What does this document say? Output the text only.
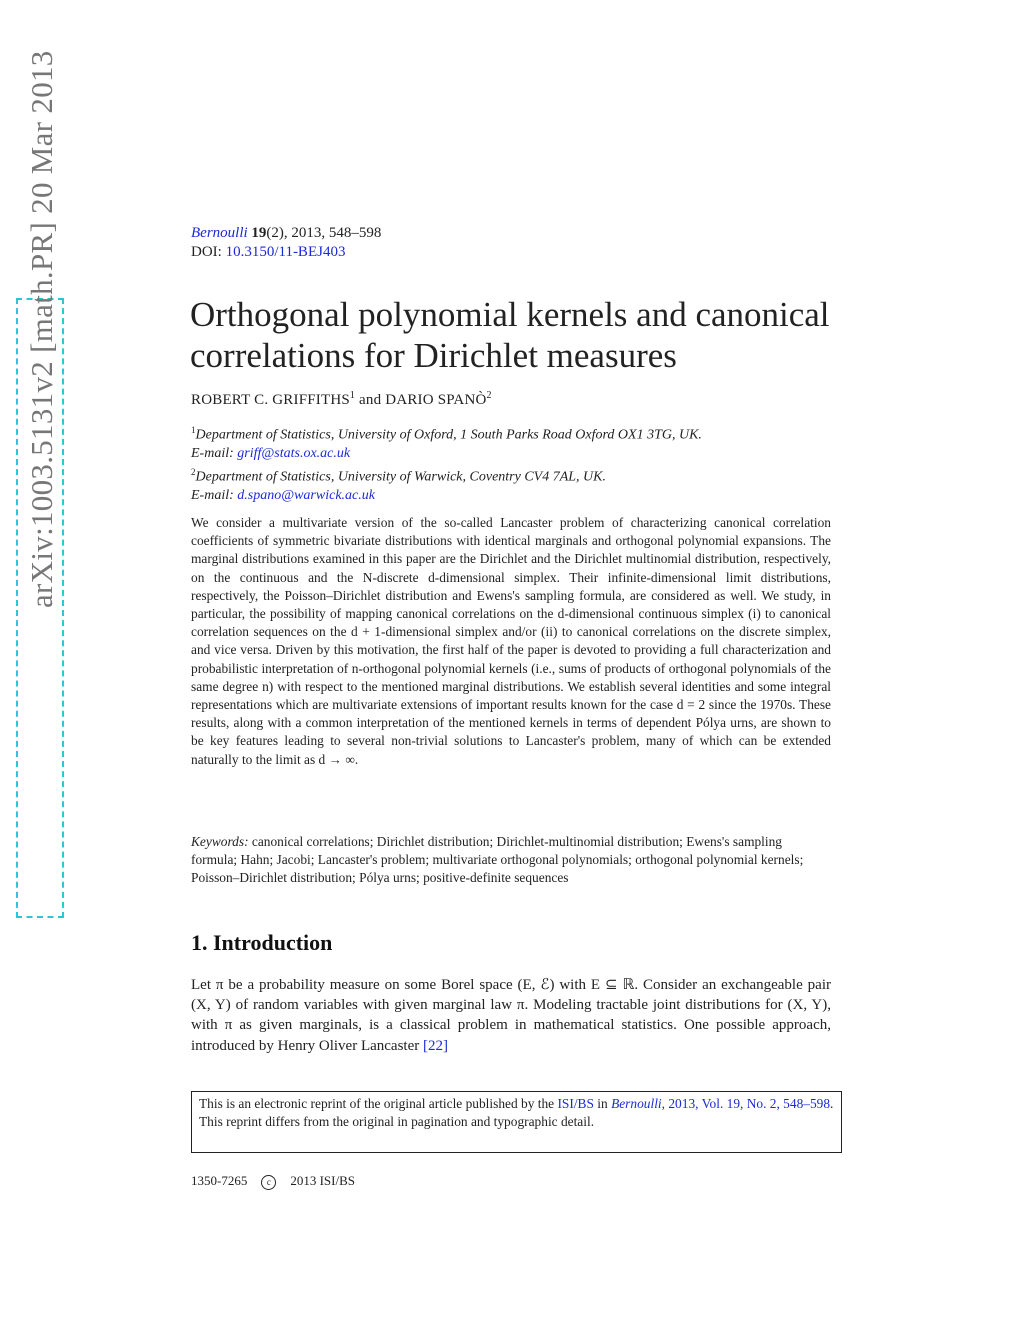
arXiv:1003.5131v2 [math.PR] 20 Mar 2013	Bernoulli 19(2), 2013, 548–598
DOI: 10.3150/11-BEJ403
Orthogonal polynomial kernels and canonical correlations for Dirichlet measures
ROBERT C. GRIFFITHS$^1$ and DARIO SPANÒ$^2$
$^1$Department of Statistics, University of Oxford, 1 South Parks Road Oxford OX1 3TG, UK.
E-mail: griff@stats.ox.ac.uk
$^2$Department of Statistics, University of Warwick, Coventry CV4 7AL, UK.
E-mail: d.spano@warwick.ac.uk

We consider a multivariate version of the so-called Lancaster problem of characterizing canonical correlation coefficients of symmetric bivariate distributions with identical marginals and orthogonal polynomial expansions. The marginal distributions examined in this paper are the Dirichlet and the Dirichlet multinomial distribution, respectively, on the continuous and the N-discrete d-dimensional simplex. Their infinite-dimensional limit distributions, respectively, the Poisson–Dirichlet distribution and Ewens's sampling formula, are considered as well. We study, in particular, the possibility of mapping canonical correlations on the d-dimensional continuous simplex (i) to canonical correlation sequences on the d + 1-dimensional simplex and/or (ii) to canonical correlations on the discrete simplex, and vice versa. Driven by this motivation, the first half of the paper is devoted to providing a full characterization and probabilistic interpretation of n-orthogonal polynomial kernels (i.e., sums of products of orthogonal polynomials of the same degree n) with respect to the mentioned marginal distributions. We establish several identities and some integral representations which are multivariate extensions of important results known for the case d = 2 since the 1970s. These results, along with a common interpretation of the mentioned kernels in terms of dependent Pólya urns, are shown to be key features leading to several non-trivial solutions to Lancaster's problem, many of which can be extended naturally to the limit as d → ∞.

Keywords: canonical correlations; Dirichlet distribution; Dirichlet-multinomial distribution; Ewens's sampling formula; Hahn; Jacobi; Lancaster's problem; multivariate orthogonal polynomials; orthogonal polynomial kernels; Poisson–Dirichlet distribution; Pólya urns; positive-definite sequences

1. Introduction

Let π be a probability measure on some Borel space (E, ℰ) with E ⊆ ℝ. Consider an exchangeable pair (X, Y) of random variables with given marginal law π. Modeling tractable joint distributions for (X, Y), with π as given marginals, is a classical problem in mathematical statistics. One possible approach, introduced by Henry Oliver Lancaster [22]

This is an electronic reprint of the original article published by the ISI/BS in Bernoulli, 2013, Vol. 19, No. 2, 548–598. This reprint differs from the original in pagination and typographic detail.
1350-7265 c 2013 ISI/BS
